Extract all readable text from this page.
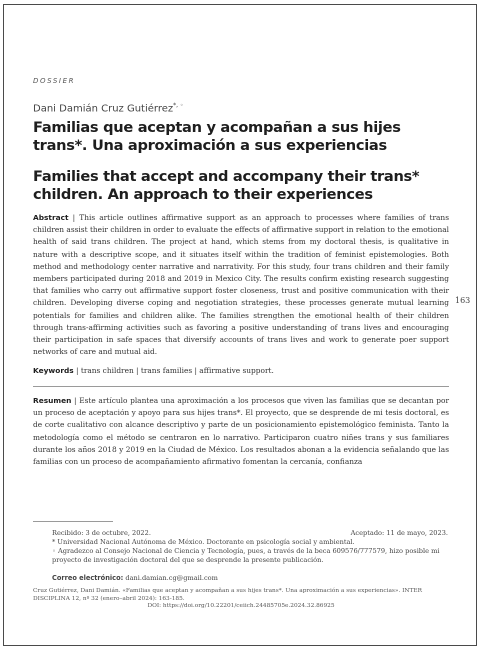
DOSSIER
Dani Damián Cruz Gutiérrez*, ◦
Familias que aceptan y acompañan a sus hijes trans*. Una aproximación a sus experiencias
Families that accept and accompany their trans* children. An approach to their experiences
Abstract | This article outlines affirmative support as an approach to processes where families of trans children assist their children in order to evaluate the effects of affirmative support in relation to the emotional health of said trans children. The project at hand, which stems from my doctoral thesis, is qualitative in nature with a descriptive scope, and it situates itself within the tradition of feminist epistemologies. Both method and methodology center narrative and narrativity. For this study, four trans children and their family members participated during 2018 and 2019 in Mexico City. The results confirm existing research suggesting that families who carry out affirmative support foster closeness, trust and positive communication with their children. Developing diverse coping and negotiation strategies, these processes generate mutual learning potentials for families and children alike. The families strengthen the emotional health of their children through trans-affirming activities such as favoring a positive understanding of trans lives and encouraging their participation in safe spaces that diversify accounts of trans lives and work to generate poer support networks of care and mutual aid.
Keywords | trans children | trans families | affirmative support.
Resumen | Este artículo plantea una aproximación a los procesos que viven las familias que se decantan por un proceso de aceptación y apoyo para sus hijes trans*. El proyecto, que se desprende de mi tesis doctoral, es de corte cualitativo con alcance descriptivo y parte de un posicionamiento epistemológico feminista. Tanto la metodología como el método se centraron en lo narrativo. Participaron cuatro niñes trans y sus familiares durante los años 2018 y 2019 en la Ciudad de México. Los resultados abonan a la evidencia señalando que las familias con un proceso de acompañamiento afirmativo fomentan la cercanía, confianza
163
Recibido: 3 de octubre, 2022.	Aceptado: 11 de mayo, 2023.
* Universidad Nacional Autónoma de México. Doctorante en psicología social y ambiental.
◦ Agradezco al Consejo Nacional de Ciencia y Tecnología, pues, a través de la beca 609576/777579, hizo posible mi proyecto de investigación doctoral del que se desprende la presente publicación.
Correo electrónico: dani.damian.cg@gmail.com
Cruz Gutiérrez, Dani Damián. «Familias que aceptan y acompañan a sus hijes trans*. Una aproximación a sus experiencias». INTER DISCIPLINA 12, nº 32 (enero–abril 2024): 163-185.
DOI: https://doi.org/10.22201/ceiich.24485705e.2024.32.86925
